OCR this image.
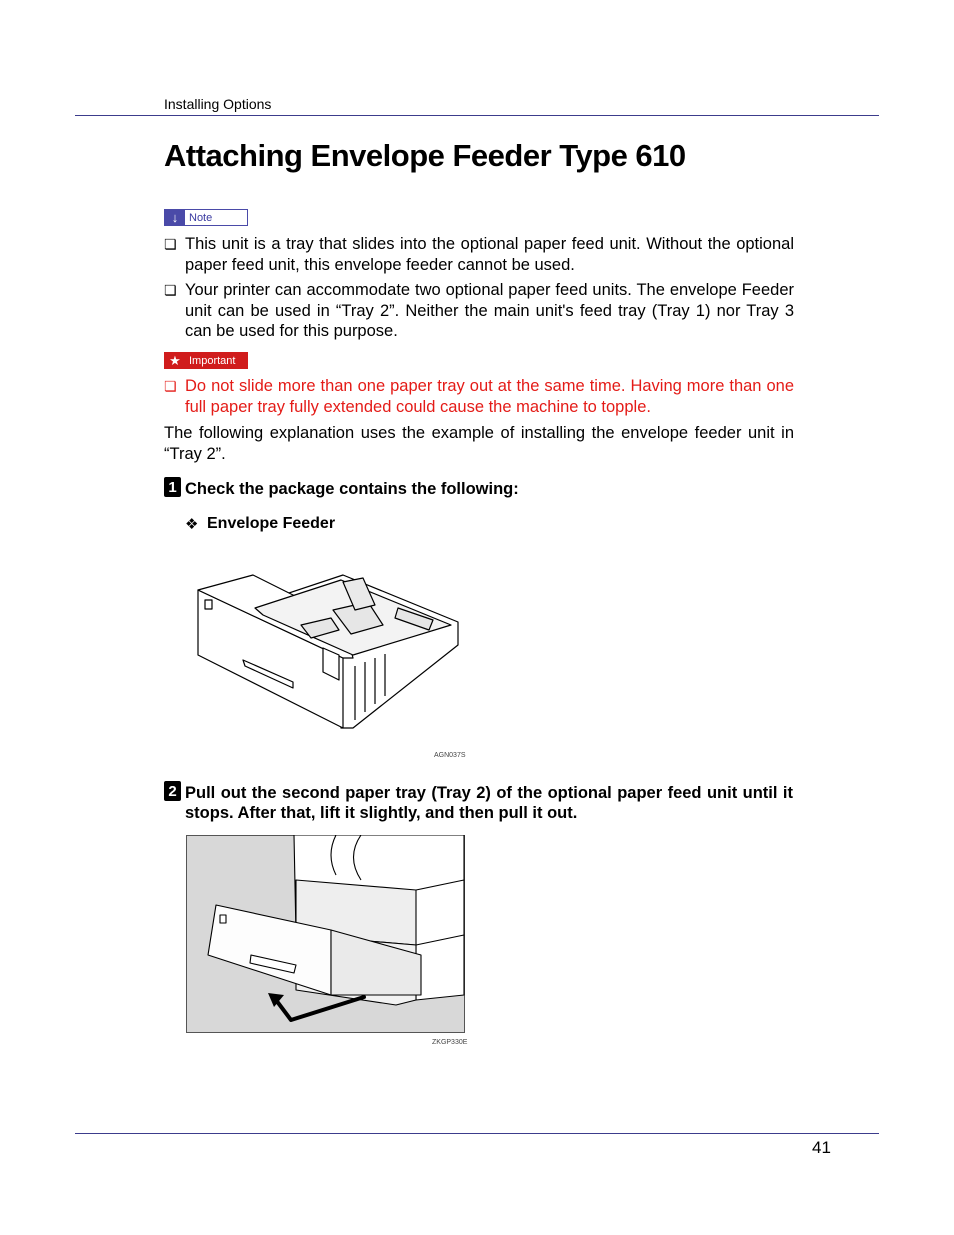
Installing Options
Attaching Envelope Feeder Type 610
↓ Note
❏ This unit is a tray that slides into the optional paper feed unit. Without the optional paper feed unit, this envelope feeder cannot be used.
❏ Your printer can accommodate two optional paper feed units. The envelope Feeder unit can be used in “Tray 2”. Neither the main unit's feed tray (Tray 1) nor Tray 3 can be used for this purpose.
★ Important
❏ Do not slide more than one paper tray out at the same time. Having more than one full paper tray fully extended could cause the machine to topple.
The following explanation uses the example of installing the envelope feeder unit in “Tray 2”.
1 Check the package contains the following:
❖ Envelope Feeder
AGN037S
2 Pull out the second paper tray (Tray 2) of the optional paper feed unit until it stops. After that, lift it slightly, and then pull it out.
ZKGP330E
41
